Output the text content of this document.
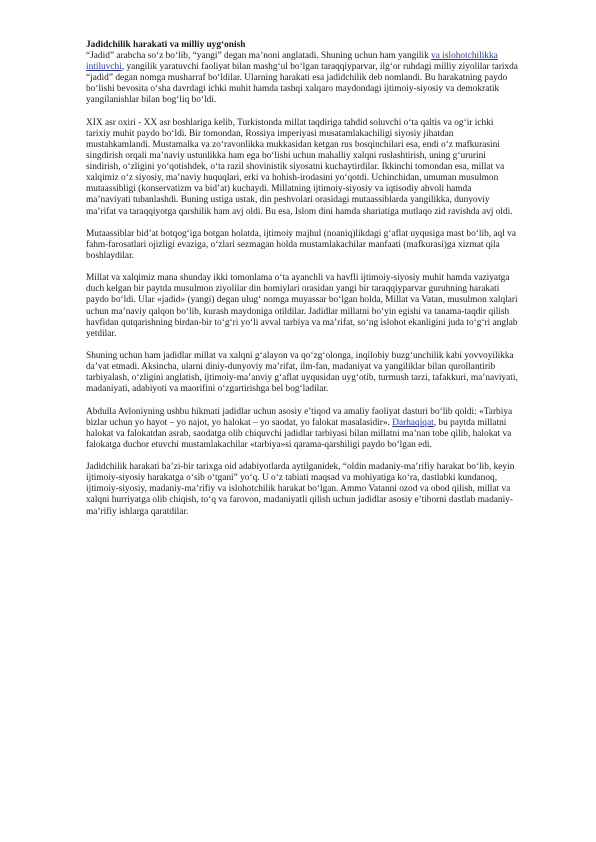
Jadidchilik harakati va milliy uyg‘onish

“Jadid” arabcha so‘z bo‘lib, “yangi” degan ma’noni anglatadi. Shuning uchun ham yangilik va islohotchilikka intiluvchi, yangilik yaratuvchi faoliyat bilan mashg‘ul bo‘lgan taraqqiyparvar, ilg‘or ruhdagi milliy ziyolilar tarixda “jadid” degan nomga musharraf bo‘ldilar. Ularning harakati esa jadidchilik deb nomlandi. Bu harakatning paydo bo‘lishi bevosita o‘sha davrdagi ichki muhit hamda tashqi xalqaro maydondagi ijtimoiy-siyosiy va demokratik yangilanishlar bilan bog‘liq bo‘ldi.

XIX asr oxiri - XX asr boshlariga kelib, Turkistonda millat taqdiriga tahdid soluvchi o‘ta qaltis va og‘ir ichki tarixiy muhit paydo bo‘ldi. Bir tomondan, Rossiya imperiyasi musatamlakachiligi siyosiy jihatdan mustahkamlandi. Mustamalka va zo‘ravonlikka mukkasidan ketgan rus bosqinchilari esa, endi o‘z mafkurasini singdirish orqali ma’naviy ustunlikka ham ega bo‘lishi uchun mahalliy xalqni ruslashtirish, uning g‘ururini sindirish, o‘zligini yo‘qotishdek, o‘ta razil shovinistik siyosatni kuchaytirdilar. Ikkinchi tomondan esa, millat va xalqimiz o‘z siyosiy, ma’naviy huquqlari, erki va hohish-irodasini yo‘qotdi. Uchinchidan, umuman musulmon mutaassibligi (konservatizm va bid’at) kuchaydi. Millatning ijtimoiy-siyosiy va iqtisodiy ahvoli hamda ma’naviyati tubanlashdi. Buning ustiga ustak, din peshvolari orasidagi mutaassiblarda yangilikka, dunyoviy ma’rifat va taraqqiyotga qarshilik ham avj oldi. Bu esa, Islom dini hamda shariatiga mutlaqo zid ravishda avj oldi.

Mutaassiblar bid’at botqog‘iga botgan holatda, ijtimoiy majhul (noaniq)likdagi g‘aflat uyqusiga mast bo‘lib, aql va fahm-farosatlari ojizligi evaziga, o‘zlari sezmagan holda mustamlakachilar manfaati (mafkurasi)ga xizmat qila boshlaydilar.

Millat va xalqimiz mana shunday ikki tomonlama o‘ta ayanchli va havfli ijtimoiy-siyosiy muhit hamda vaziyatga duch kelgan bir paytda musulmon ziyolilar din homiylari orasidan yangi bir taraqqiyparvar guruhning harakati paydo bo‘ldi. Ular «jadid» (yangi) degan ulug‘ nomga muyassar bo‘lgan holda, Millat va Vatan, musulmon xalqlari uchun ma’naviy qalqon bo‘lib, kurash maydoniga otildilar. Jadidlar millatni bo‘yin egishi va tanama-taqdir qilish havfidan qutqarishning birdan-bir to‘g‘ri yo‘li avval tarbiya va ma’rifat, so‘ng islohot ekanligini juda to‘g‘ri anglab yetdilar.

Shuning uchun ham jadidlar millat va xalqni g‘alayon va qo‘zg‘olonga, inqilobiy buzg‘unchilik kabi yovvoyilikka da’vat etmadi. Aksincha, ularni diniy-dunyoviy ma’rifat, ilm-fan, madaniyat va yangiliklar bilan qurollantirib tarbiyalash, o‘zligini anglatish, ijtimoiy-ma’anviy g‘aflat uyqusidan uyg‘otib, turmush tarzi, tafakkuri, ma’naviyati, madaniyati, adabiyoti va maorifini o‘zgartirishga bel bog‘ladilar.

Abdulla Avloniyning ushbu hikmati jadidlar uchun asosiy e’tiqod va amaliy faoliyat dasturi bo‘lib qoldi: «Tarbiya bizlar uchun yo hayot – yo najot, yo halokat – yo saodat, yo falokat masalasidir». Darhaqiqat, bu paytda millatni halokat va falokatdan asrab, saodatga olib chiquvchi jadidlar tarbiyasi bilan millatni ma’nan tobe qilib, halokat va falokatga duchor etuvchi mustamlakachilar «tarbiya»si qarama-qarshiligi paydo bo‘lgan edi.

Jadidchilik harakati ba’zi-bir tarixga oid adabiyotlarda aytilganidek, “oldin madaniy-ma’rifiy harakat bo‘lib, keyin ijtimoiy-siyosiy harakatga o‘sib o‘tgani” yo‘q. U o‘z tabiati maqsad va mohiyatiga ko‘ra, dastlabki kundanoq, ijtimoiy-siyosiy, madaniy-ma’rifiy va islohotchilik harakat bo‘lgan. Ammo Vatanni ozod va obod qilish, millat va xalqni hurriyatga olib chiqish, to‘q va farovon, madaniyatli qilish uchun jadidlar asosiy e’tiborni dastlab madaniy-ma’rifiy ishlarga qaratdilar.
